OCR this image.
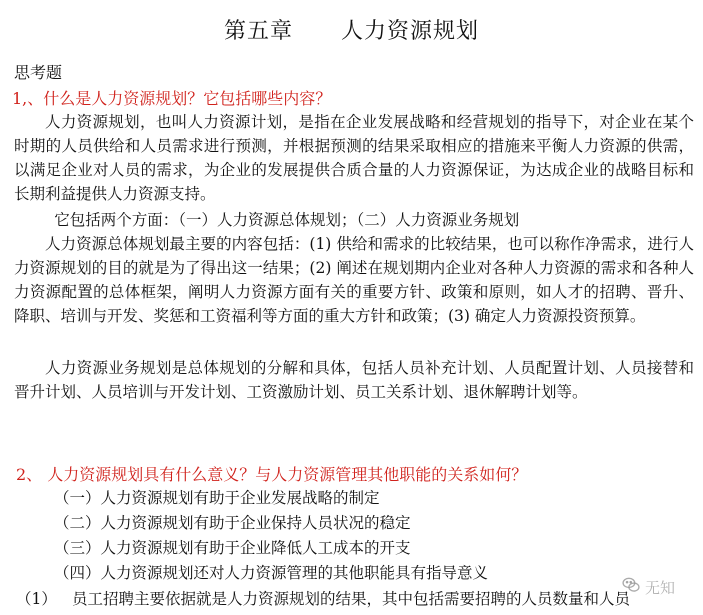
第五章      人力资源规划
思考题
1,、什么是人力资源规划？它包括哪些内容？
人力资源规划，也叫人力资源计划，是指在企业发展战略和经营规划的指导下，对企业在某个时期的人员供给和人员需求进行预测，并根据预测的结果采取相应的措施来平衡人力资源的供需，以满足企业对人员的需求，为企业的发展提供合质合量的人力资源保证，为达成企业的战略目标和长期利益提供人力资源支持。
它包括两个方面：（一）人力资源总体规划；（二）人力资源业务规划
人力资源总体规划最主要的内容包括：(1) 供给和需求的比较结果，也可以称作净需求，进行人力资源规划的目的就是为了得出这一结果；(2) 阐述在规划期内企业对各种人力资源的需求和各种人力资源配置的总体框架，阐明人力资源方面有关的重要方针、政策和原则，如人才的招聘、晋升、降职、培训与开发、奖惩和工资福利等方面的重大方针和政策；(3) 确定人力资源投资预算。
人力资源业务规划是总体规划的分解和具体，包括人员补充计划、人员配置计划、人员接替和晋升计划、人员培训与开发计划、工资激励计划、员工关系计划、退休解聘计划等。
2、 人力资源规划具有什么意义？与人力资源管理其他职能的关系如何？
（一）人力资源规划有助于企业发展战略的制定
（二）人力资源规划有助于企业保持人员状况的稳定
（三）人力资源规划有助于企业降低人工成本的开支
（四）人力资源规划还对人力资源管理的其他职能具有指导意义
（1） 员工招聘主要依据就是人力资源规划的结果，其中包括需要招聘的人员数量和人员
无知
